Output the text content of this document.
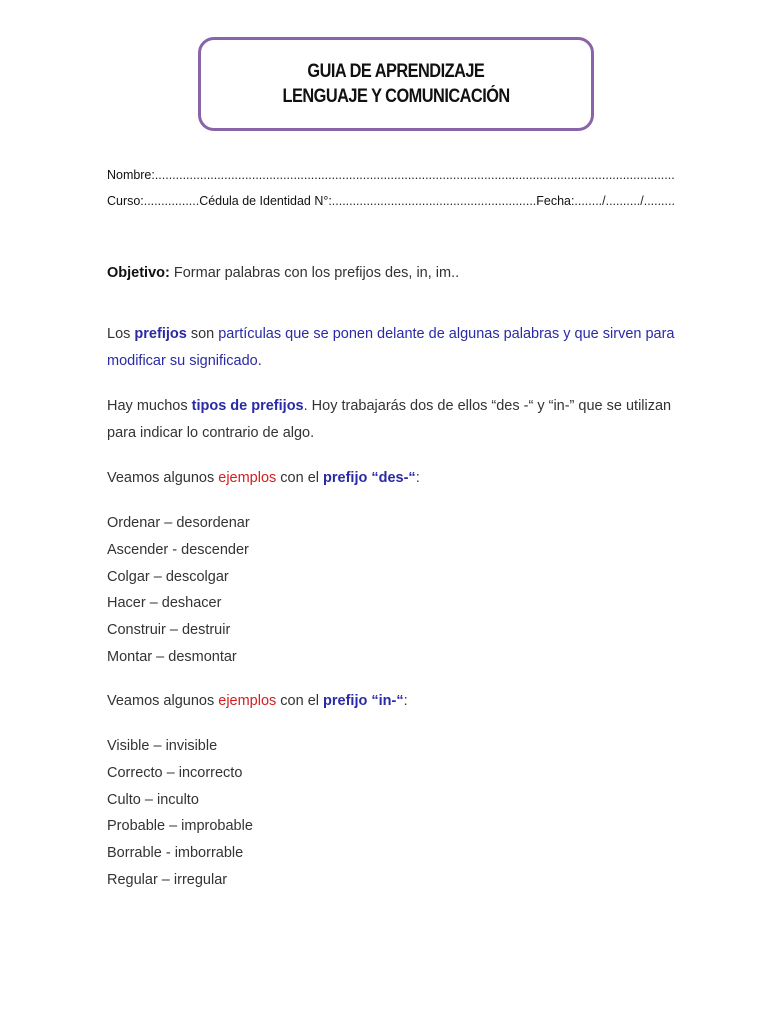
GUIA DE APRENDIZAJE
LENGUAJE Y COMUNICACIÓN
Nombre:......................................................................................................................................................
Curso:................Cédula de Identidad N°:...........................................................Fecha:......../........../.........
Objetivo: Formar palabras con los prefijos des, in, im..
Los prefijos son partículas que se ponen delante de algunas palabras y que sirven para modificar su significado.
Hay muchos tipos de prefijos. Hoy trabajarás dos de ellos “des -“ y “in-” que se utilizan para indicar lo contrario de algo.
Veamos algunos ejemplos con el prefijo “des-“:
Ordenar – desordenar
Ascender - descender
Colgar – descolgar
Hacer – deshacer
Construir – destruir
Montar – desmontar
Veamos algunos ejemplos con el prefijo “in-“:
Visible – invisible
Correcto – incorrecto
Culto – inculto
Probable – improbable
Borrable - imborrable
Regular – irregular
